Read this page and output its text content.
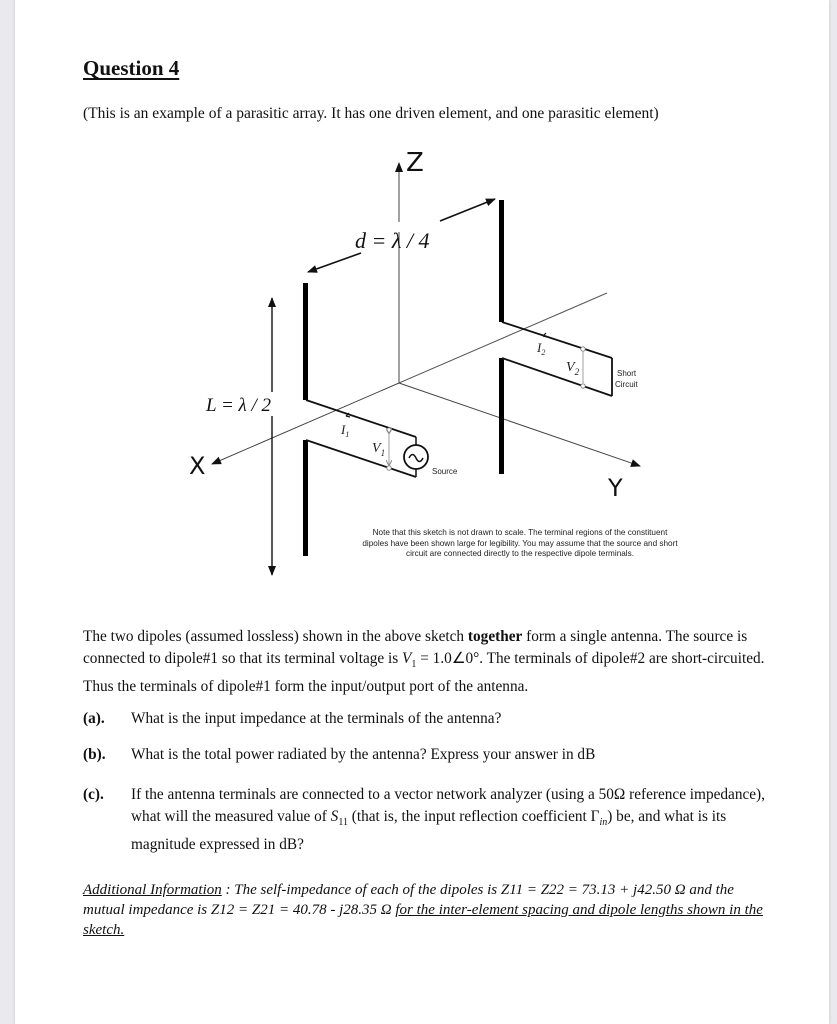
Question 4
(This is an example of a parasitic array. It has one driven element, and one parasitic element)
Z
X
Y
d = λ / 4
L = λ / 2
$I_1$
$V_1$
$I_2$
$V_2$
Source
Short Circuit
Note that this sketch is not drawn to scale. The terminal regions of the constituent dipoles have been shown large for legibility. You may assume that the source and short circuit are connected directly to the respective dipole terminals.
The two dipoles (assumed lossless) shown in the above sketch together form a single antenna. The source is connected to dipole#1 so that its terminal voltage is $V_1$ = 1.0∠0°. The terminals of dipole#2 are short-circuited. Thus the terminals of dipole#1 form the input/output port of the antenna.
(a). What is the input impedance at the terminals of the antenna?
(b). What is the total power radiated by the antenna? Express your answer in dB
(c). If the antenna terminals are connected to a vector network analyzer (using a 50Ω reference impedance), what will the measured value of $S_{11}$ (that is, the input reflection coefficient $\Gamma_{in}$) be, and what is its magnitude expressed in dB?
Additional Information : The self-impedance of each of the dipoles is Z11 = Z22 = 73.13 + j42.50 Ω and the mutual impedance is Z12 = Z21 = 40.78 - j28.35 Ω for the inter-element spacing and dipole lengths shown in the sketch.
